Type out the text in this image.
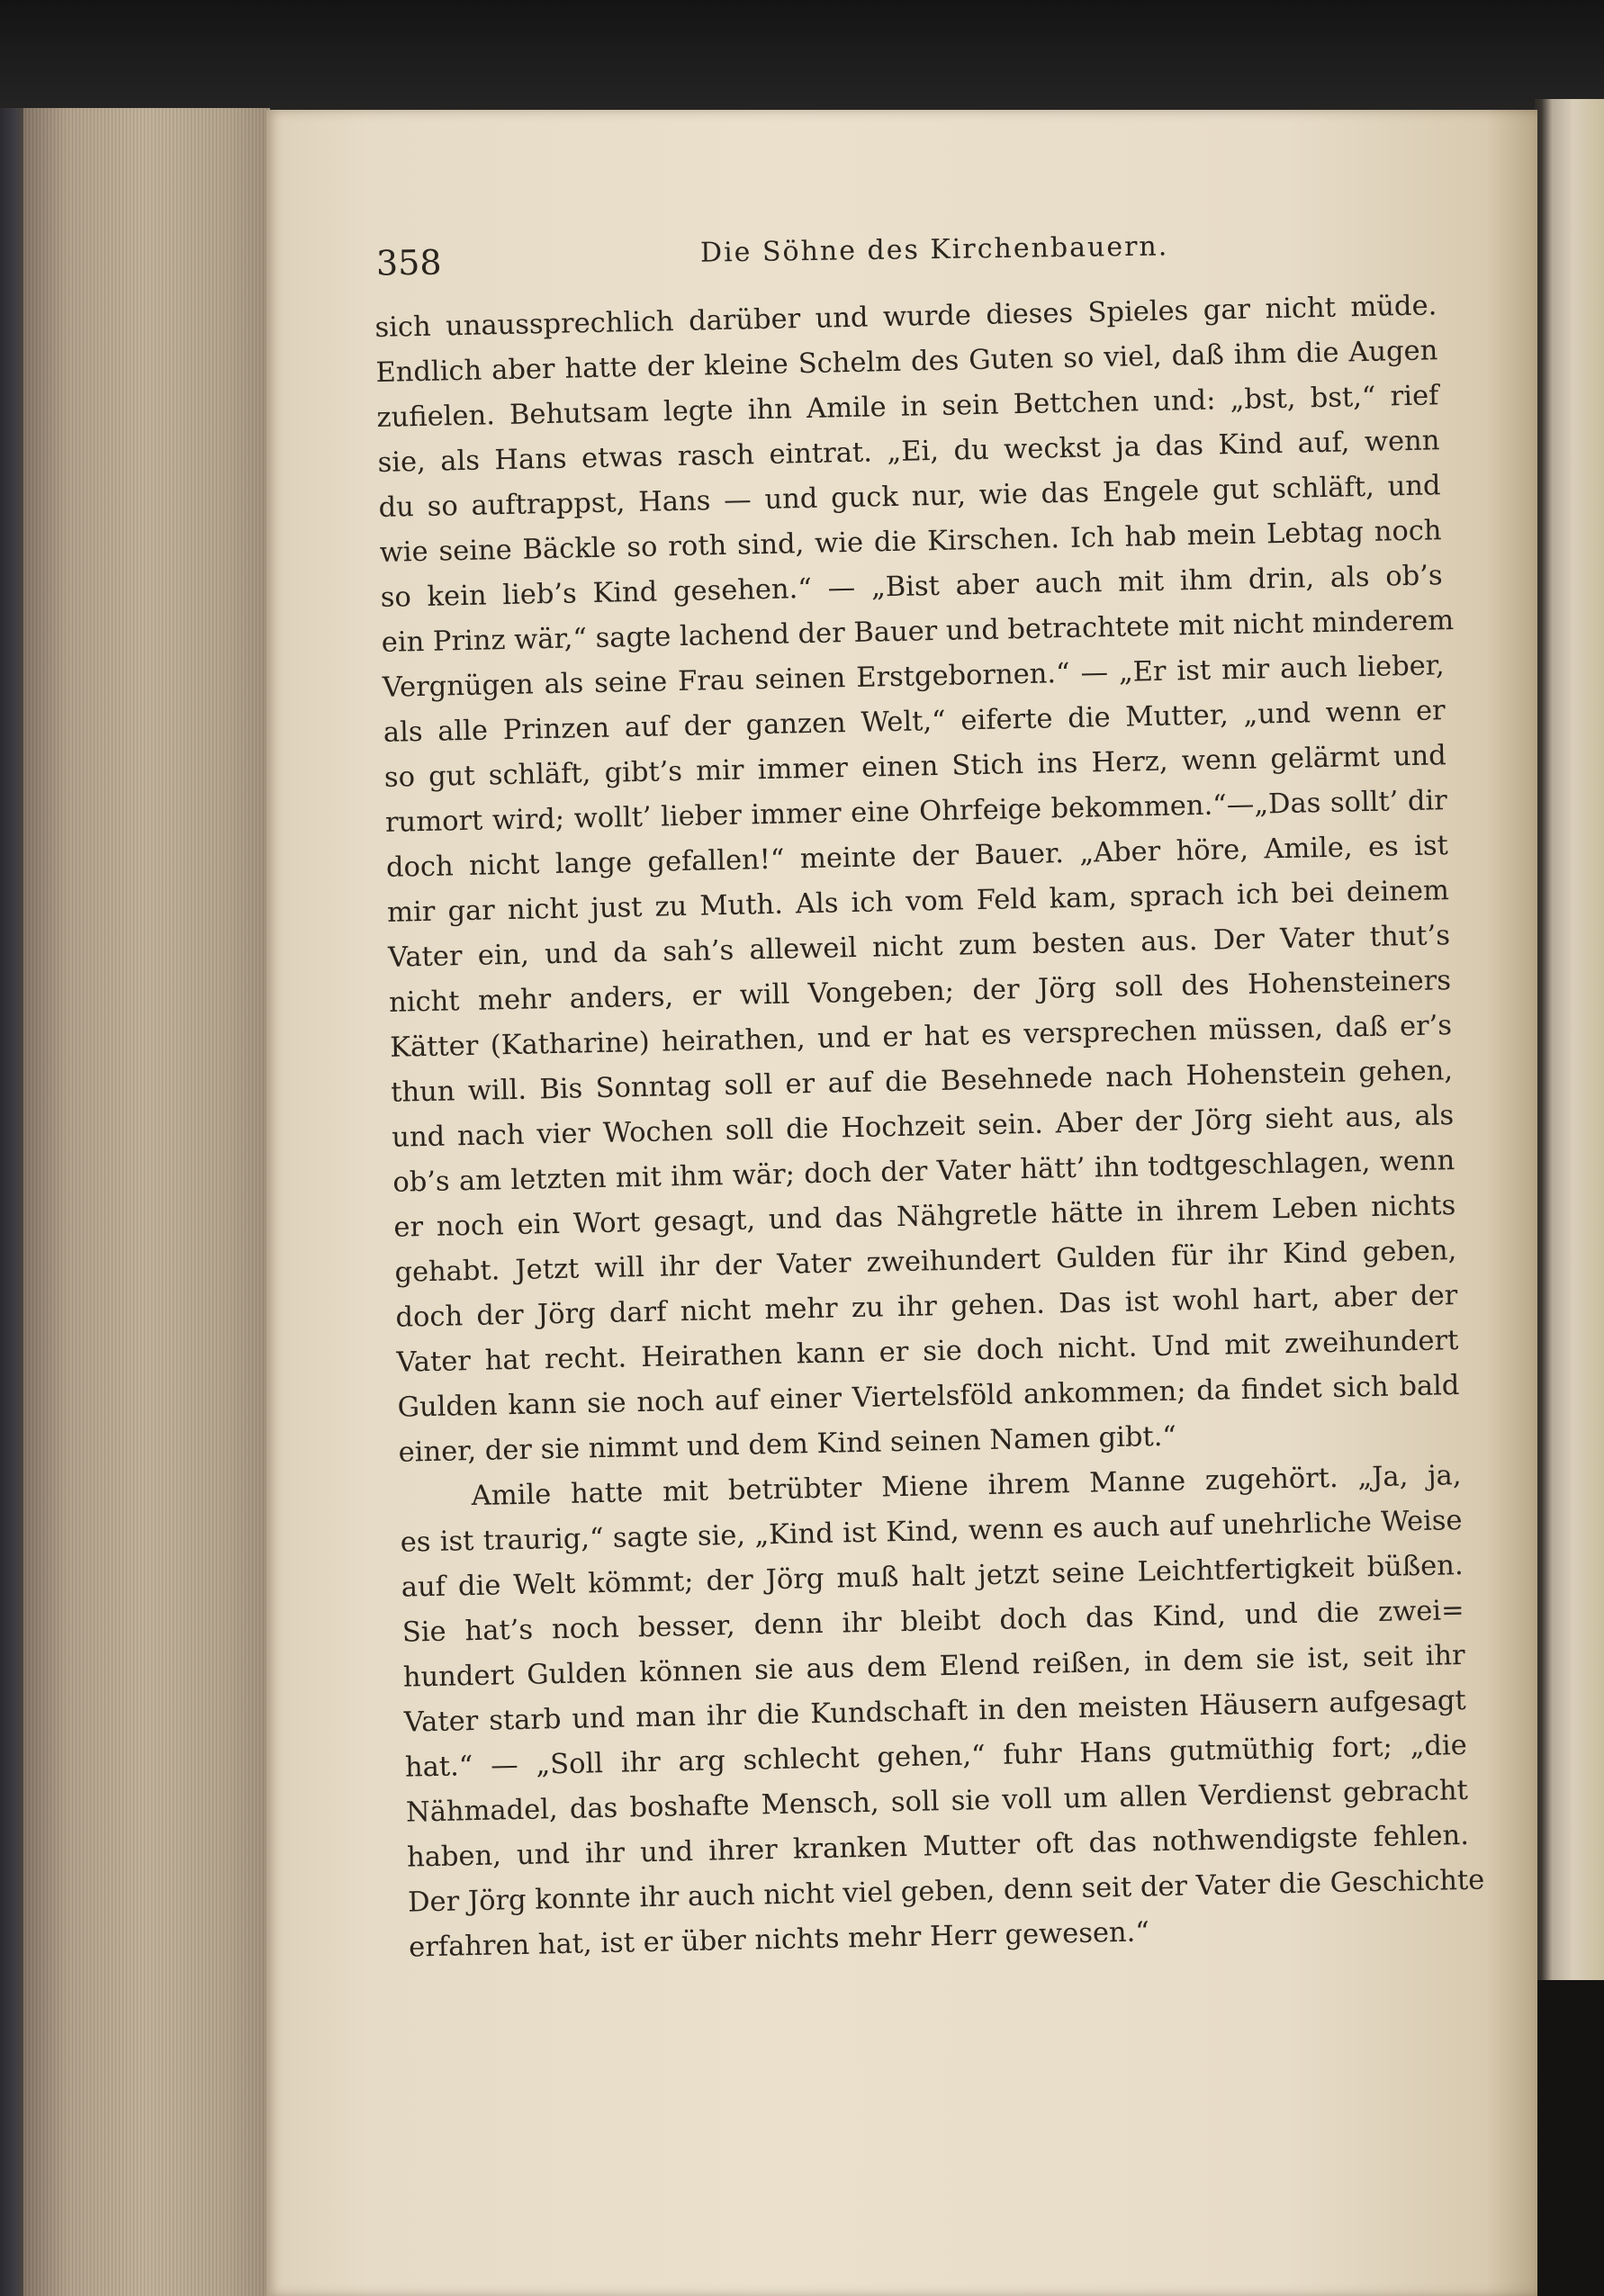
358	Die Söhne des Kirchenbauern.
sich unaussprechlich darüber und wurde dieses Spieles gar nicht müde.
Endlich aber hatte der kleine Schelm des Guten so viel, daß ihm die Augen
zufielen. Behutsam legte ihn Amile in sein Bettchen und: „bst, bst,“ rief
sie, als Hans etwas rasch eintrat. „Ei, du weckst ja das Kind auf, wenn
du so auftrappst, Hans — und guck nur, wie das Engele gut schläft, und
wie seine Bäckle so roth sind, wie die Kirschen. Ich hab mein Lebtag noch
so kein lieb’s Kind gesehen.“ — „Bist aber auch mit ihm drin, als ob’s
ein Prinz wär,“ sagte lachend der Bauer und betrachtete mit nicht minderem
Vergnügen als seine Frau seinen Erstgebornen.“ — „Er ist mir auch lieber,
als alle Prinzen auf der ganzen Welt,“ eiferte die Mutter, „und wenn er
so gut schläft, gibt’s mir immer einen Stich ins Herz, wenn gelärmt und
rumort wird; wollt’ lieber immer eine Ohrfeige bekommen.“—„Das sollt’ dir
doch nicht lange gefallen!“ meinte der Bauer. „Aber höre, Amile, es ist
mir gar nicht just zu Muth. Als ich vom Feld kam, sprach ich bei deinem
Vater ein, und da sah’s alleweil nicht zum besten aus. Der Vater thut’s
nicht mehr anders, er will Vongeben; der Jörg soll des Hohensteiners
Kätter (Katharine) heirathen, und er hat es versprechen müssen, daß er’s
thun will. Bis Sonntag soll er auf die Besehnede nach Hohenstein gehen,
und nach vier Wochen soll die Hochzeit sein. Aber der Jörg sieht aus, als
ob’s am letzten mit ihm wär; doch der Vater hätt’ ihn todtgeschlagen, wenn
er noch ein Wort gesagt, und das Nähgretle hätte in ihrem Leben nichts
gehabt. Jetzt will ihr der Vater zweihundert Gulden für ihr Kind geben,
doch der Jörg darf nicht mehr zu ihr gehen. Das ist wohl hart, aber der
Vater hat recht. Heirathen kann er sie doch nicht. Und mit zweihundert
Gulden kann sie noch auf einer Viertelsföld ankommen; da findet sich bald
einer, der sie nimmt und dem Kind seinen Namen gibt.“
Amile hatte mit betrübter Miene ihrem Manne zugehört. „Ja, ja,
es ist traurig,“ sagte sie, „Kind ist Kind, wenn es auch auf unehrliche Weise
auf die Welt kömmt; der Jörg muß halt jetzt seine Leichtfertigkeit büßen.
Sie hat’s noch besser, denn ihr bleibt doch das Kind, und die zwei=
hundert Gulden können sie aus dem Elend reißen, in dem sie ist, seit ihr
Vater starb und man ihr die Kundschaft in den meisten Häusern aufgesagt
hat.“ — „Soll ihr arg schlecht gehen,“ fuhr Hans gutmüthig fort; „die
Nähmadel, das boshafte Mensch, soll sie voll um allen Verdienst gebracht
haben, und ihr und ihrer kranken Mutter oft das nothwendigste fehlen.
Der Jörg konnte ihr auch nicht viel geben, denn seit der Vater die Geschichte
erfahren hat, ist er über nichts mehr Herr gewesen.“
